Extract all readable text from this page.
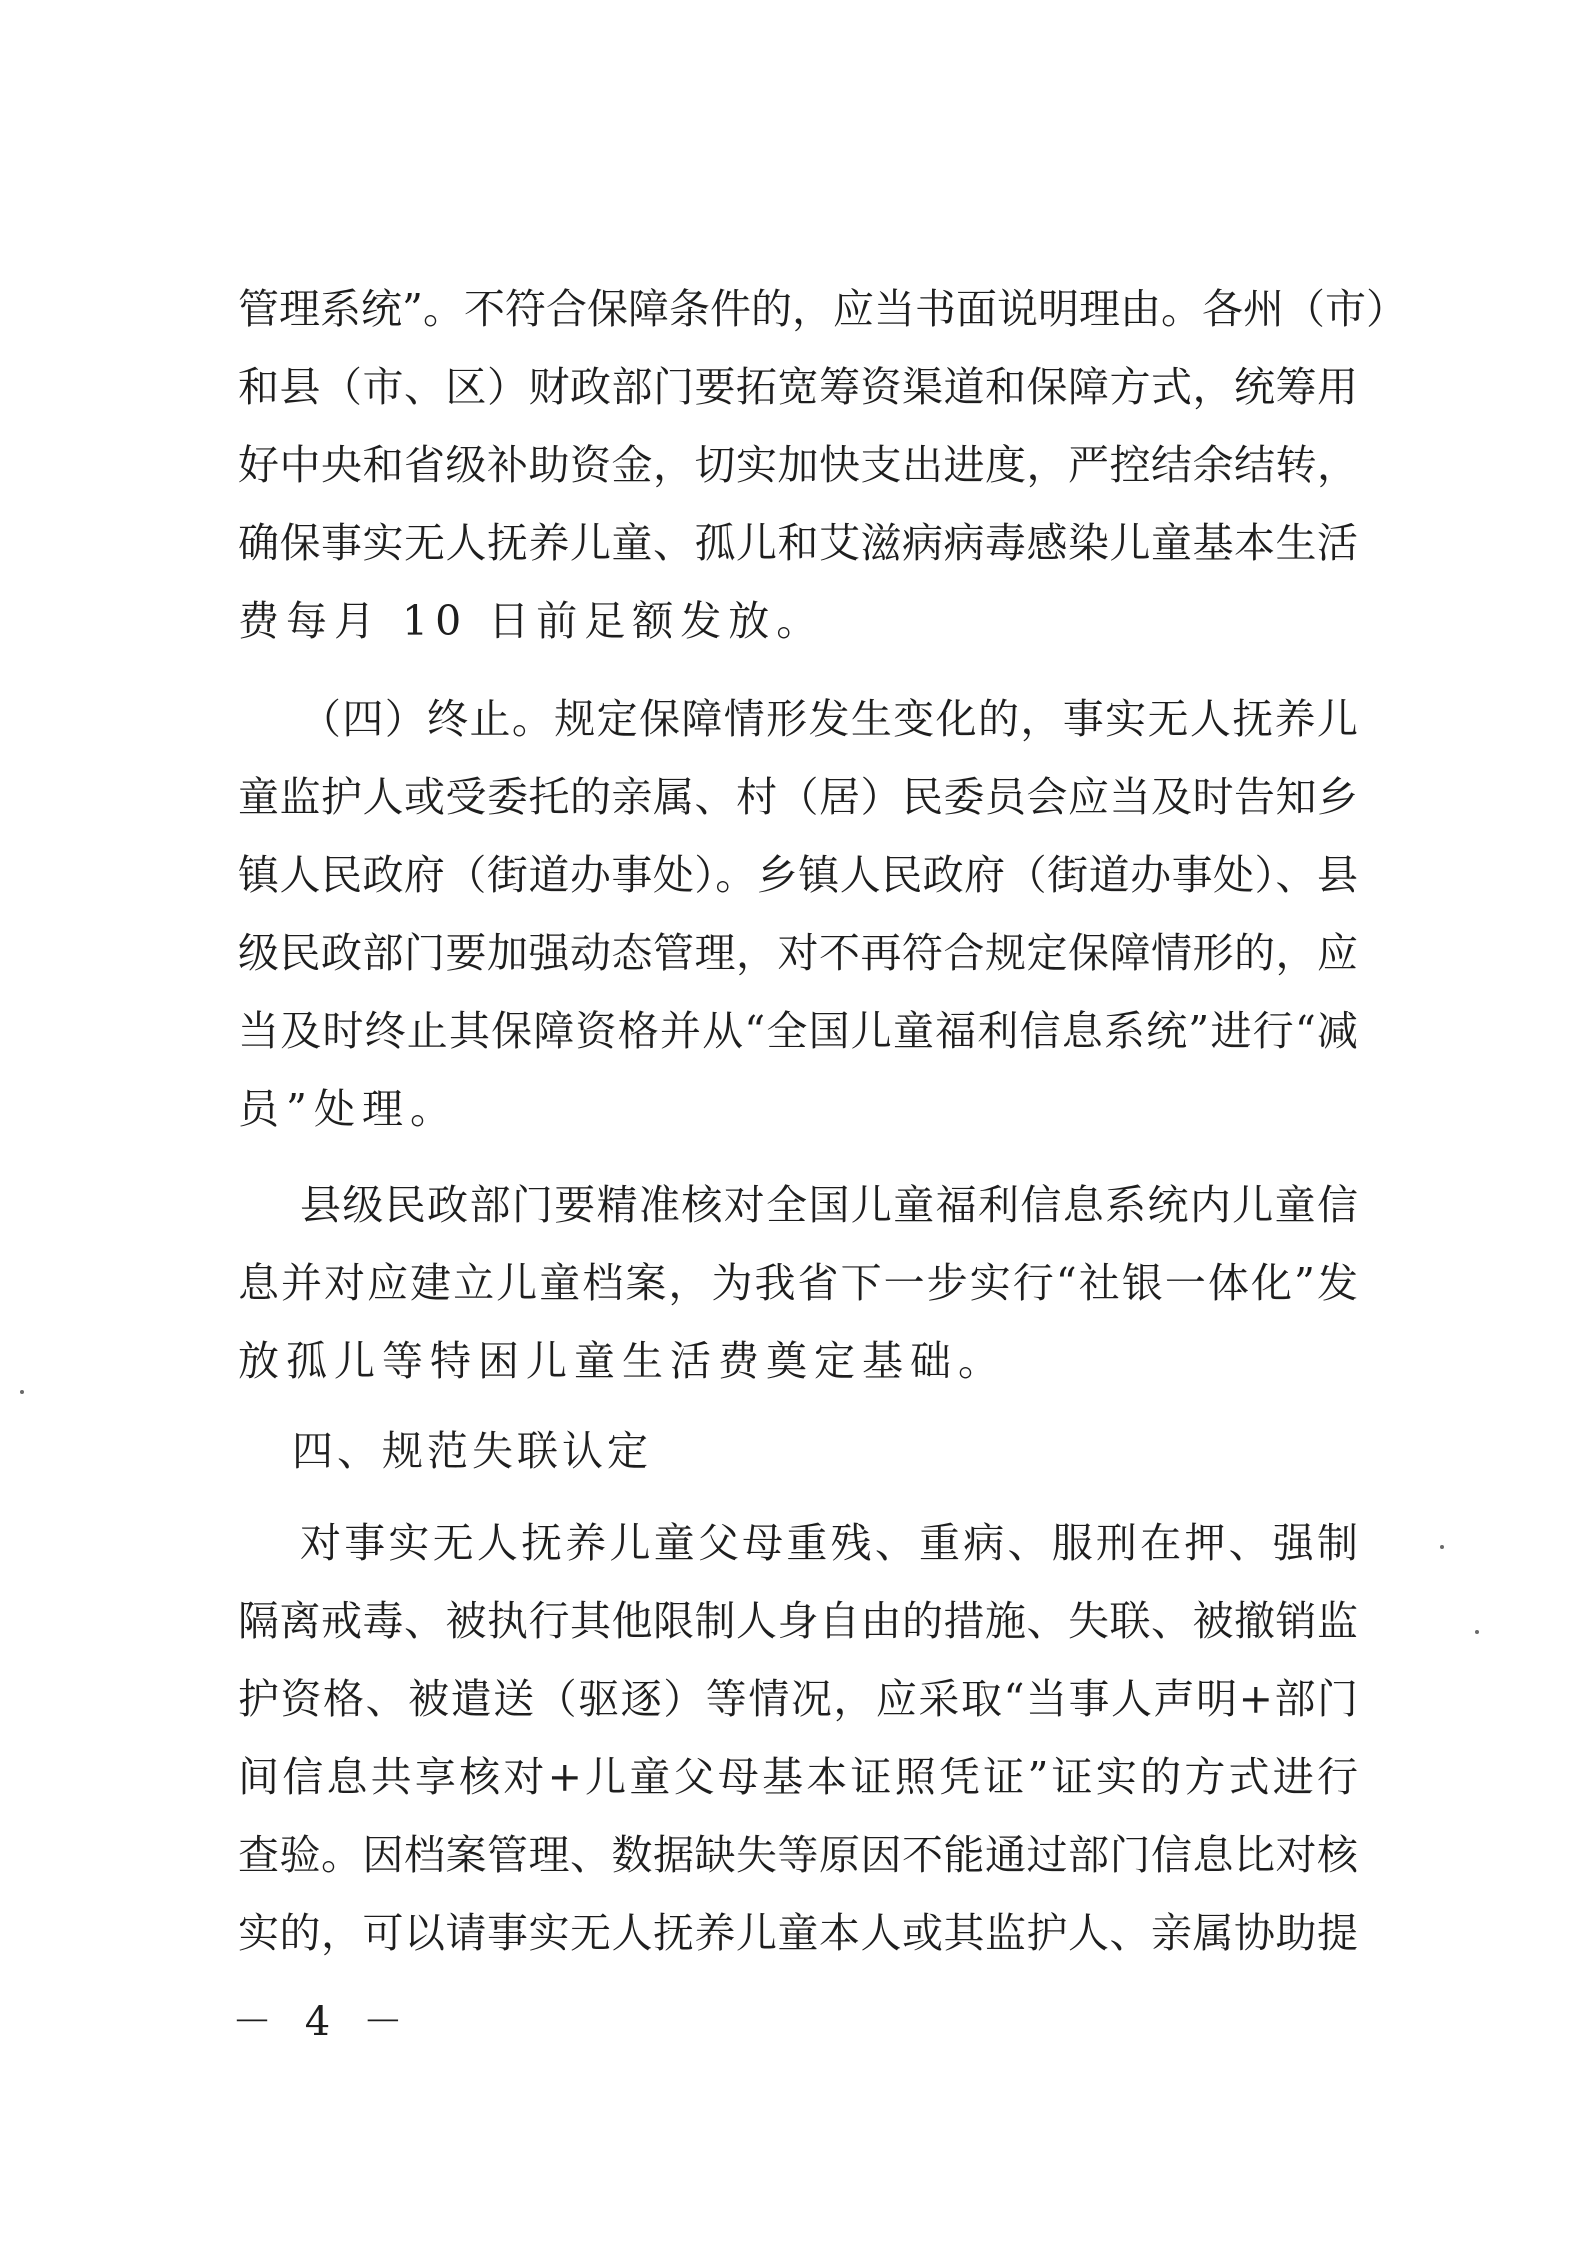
管理系统”。不符合保障条件的，应当书面说明理由。各州（市）
和县（市、区）财政部门要拓宽筹资渠道和保障方式，统筹用
好中央和省级补助资金，切实加快支出进度，严控结余结转，
确保事实无人抚养儿童、孤儿和艾滋病病毒感染儿童基本生活
费每月 10 日前足额发放。
（四）终止。规定保障情形发生变化的，事实无人抚养儿
童监护人或受委托的亲属、村（居）民委员会应当及时告知乡
镇人民政府（街道办事处）。乡镇人民政府（街道办事处）、县
级民政部门要加强动态管理，对不再符合规定保障情形的，应
当及时终止其保障资格并从“全国儿童福利信息系统”进行“减
员”处理。
县级民政部门要精准核对全国儿童福利信息系统内儿童信
息并对应建立儿童档案，为我省下一步实行“社银一体化”发
放孤儿等特困儿童生活费奠定基础。
四、规范失联认定
对事实无人抚养儿童父母重残、重病、服刑在押、强制
隔离戒毒、被执行其他限制人身自由的措施、失联、被撤销监
护资格、被遣送（驱逐）等情况，应采取“当事人声明+部门
间信息共享核对+儿童父母基本证照凭证”证实的方式进行
查验。因档案管理、数据缺失等原因不能通过部门信息比对核
实的，可以请事实无人抚养儿童本人或其监护人、亲属协助提
－ 4 －
